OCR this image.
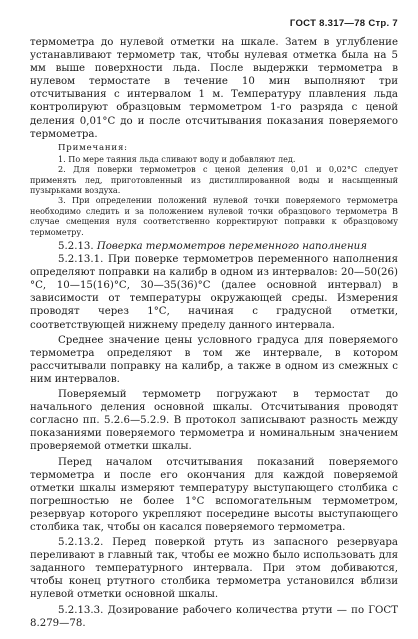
ГОСТ 8.317—78 Стр. 7

термометра до нулевой отметки на шкале. Затем в углубление устанавливают термометр так, чтобы нулевая отметка была на 5 мм выше поверхности льда. После выдержки термометра в нулевом термостате в течение 10 мин выполняют три отсчитывания с интервалом 1 м. Температуру плавления льда контролируют образцовым термометром 1-го разряда с ценой деления 0,01°С до и после отсчитывания показания поверяемого термометра.

Примечания:

1. По мере таяния льда сливают воду и добавляют лед.

2. Для поверки термометров с ценой деления 0,01 и 0,02°С следует применять лед, приготовленный из дистиллированной воды и насыщенный пузырьками воздуха.

3. При определении положений нулевой точки поверяемого термометра необходимо следить и за положением нулевой точки образцового термометра В случае смещения нуля соответственно корректируют поправки к образцовому термометру.

5.2.13. Поверка термометров переменного наполнения

5.2.13.1. При поверке термометров переменного наполнения определяют поправки на калибр в одном из интервалов: 20—50(26)°С, 10—15(16)°С, 30—35(36)°С (далее основной интервал) в зависимости от температуры окружающей среды. Измерения проводят через 1°С, начиная с градусной отметки, соответствующей нижнему пределу данного интервала.

Среднее значение цены условного градуса для поверяемого термометра определяют в том же интервале, в котором рассчитывали поправку на калибр, а также в одном из смежных с ним интервалов.

Поверяемый термометр погружают в термостат до начального деления основной шкалы. Отсчитывания проводят согласно пп. 5.2.6—5.2.9. В протокол записывают разность между показаниями поверяемого термометра и номинальным значением проверяемой отметки шкалы.

Перед началом отсчитывания показаний поверяемого термометра и после его окончания для каждой поверяемой отметки шкалы измеряют температуру выступающего столбика с погрешностью не более 1°С вспомогательным термометром, резервуар которого укрепляют посередине высоты выступающего столбика так, чтобы он касался поверяемого термометра.

5.2.13.2. Перед поверкой ртуть из запасного резервуара переливают в главный так, чтобы ее можно было использовать для заданного температурного интервала. При этом добиваются, чтобы конец ртутного столбика термометра установился вблизи нулевой отметки основной шкалы.

5.2.13.3. Дозирование рабочего количества ртути — по ГОСТ 8.279—78.
